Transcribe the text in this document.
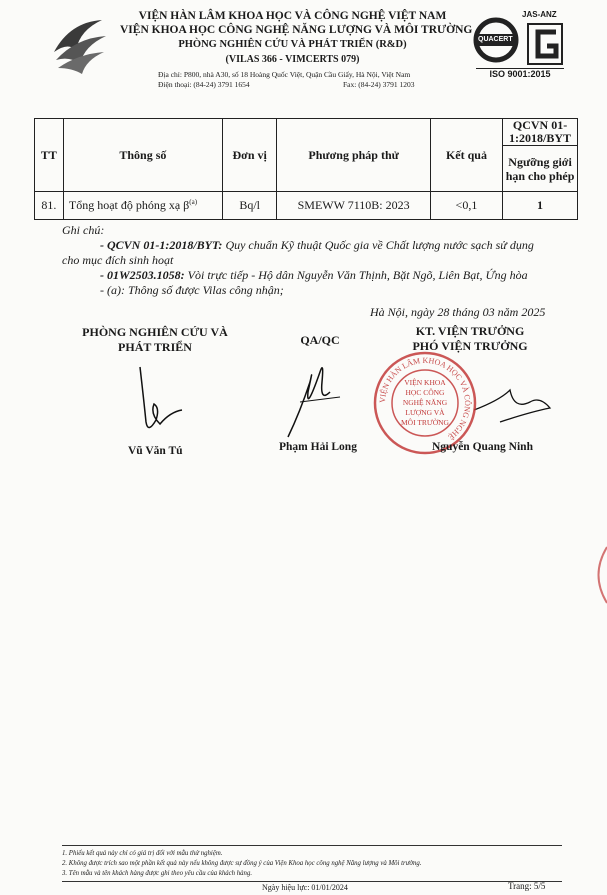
VIỆN HÀN LÂM KHOA HỌC VÀ CÔNG NGHỆ VIỆT NAM
VIỆN KHOA HỌC CÔNG NGHỆ NĂNG LƯỢNG VÀ MÔI TRƯỜNG
PHÒNG NGHIÊN CỨU VÀ PHÁT TRIỂN (R&D)
(VILAS 366 - VIMCERTS 079)
Địa chỉ: P800, nhà A30, số 18 Hoàng Quốc Việt, Quận Cầu Giấy, Hà Nội, Việt Nam
Điện thoại: (84-24) 3791 1654	Fax: (84-24) 3791 1203
JAS-ANZ
QUACERT
ISO 9001:2015
TT	Thông số	Đơn vị	Phương pháp thử	Kết quả	QCVN 01-1:2018/BYT
					Ngưỡng giới hạn cho phép
81.	Tổng hoạt độ phóng xạ $\beta^{(a)}$	Bq/l	SMEWW 7110B: 2023	<0,1	1
Ghi chú:
- QCVN 01-1:2018/BYT: Quy chuẩn Kỹ thuật Quốc gia về Chất lượng nước sạch sử dụng
cho mục đích sinh hoạt
- 01W2503.1058: Vòi trực tiếp - Hộ dân Nguyễn Văn Thịnh, Bặt Ngõ, Liên Bạt, Ứng hòa
- (a): Thông số được Vilas công nhận;
Hà Nội, ngày 28 tháng 03 năm 2025
PHÒNG NGHIÊN CỨU VÀ
PHÁT TRIỂN	QA/QC
KT. VIỆN TRƯỞNG
PHÓ VIỆN TRƯỞNG
VIỆN HÀN LÂM KHOA HỌC VÀ CÔNG NGHỆ
VIỆN KHOA HỌC CÔNG NGHỆ NĂNG LƯỢNG VÀ MÔI TRƯỜNG
Vũ Văn Tú	Phạm Hải Long	Nguyễn Quang Ninh
1. Phiếu kết quả này chỉ có giá trị đối với mẫu thử nghiệm.
2. Không được trích sao một phần kết quả này nếu không được sự đồng ý của Viện Khoa học công nghệ Năng lượng và Môi trường.
3. Tên mẫu và tên khách hàng được ghi theo yêu cầu của khách hàng.
Ngày hiệu lực: 01/01/2024	Trang: 5/5
